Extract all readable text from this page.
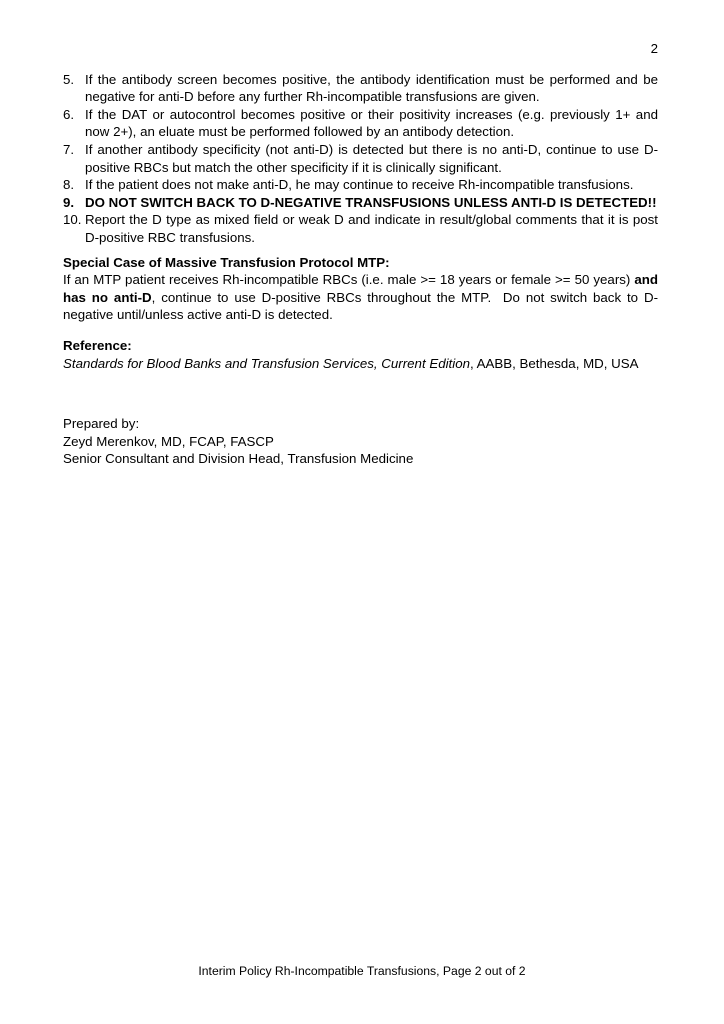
2
5. If the antibody screen becomes positive, the antibody identification must be performed and be negative for anti-D before any further Rh-incompatible transfusions are given.
6. If the DAT or autocontrol becomes positive or their positivity increases (e.g. previously 1+ and now 2+), an eluate must be performed followed by an antibody detection.
7. If another antibody specificity (not anti-D) is detected but there is no anti-D, continue to use D-positive RBCs but match the other specificity if it is clinically significant.
8. If the patient does not make anti-D, he may continue to receive Rh-incompatible transfusions.
9. DO NOT SWITCH BACK TO D-NEGATIVE TRANSFUSIONS UNLESS ANTI-D IS DETECTED!!
10. Report the D type as mixed field or weak D and indicate in result/global comments that it is post D-positive RBC transfusions.
Special Case of Massive Transfusion Protocol MTP:

If an MTP patient receives Rh-incompatible RBCs (i.e. male >= 18 years or female >= 50 years) and has no anti-D, continue to use D-positive RBCs throughout the MTP.  Do not switch back to D- negative until/unless active anti-D is detected.

Reference:

Standards for Blood Banks and Transfusion Services, Current Edition, AABB, Bethesda, MD, USA

Prepared by:
Zeyd Merenkov, MD, FCAP, FASCP
Senior Consultant and Division Head, Transfusion Medicine
Interim Policy Rh-Incompatible Transfusions, Page 2 out of 2
